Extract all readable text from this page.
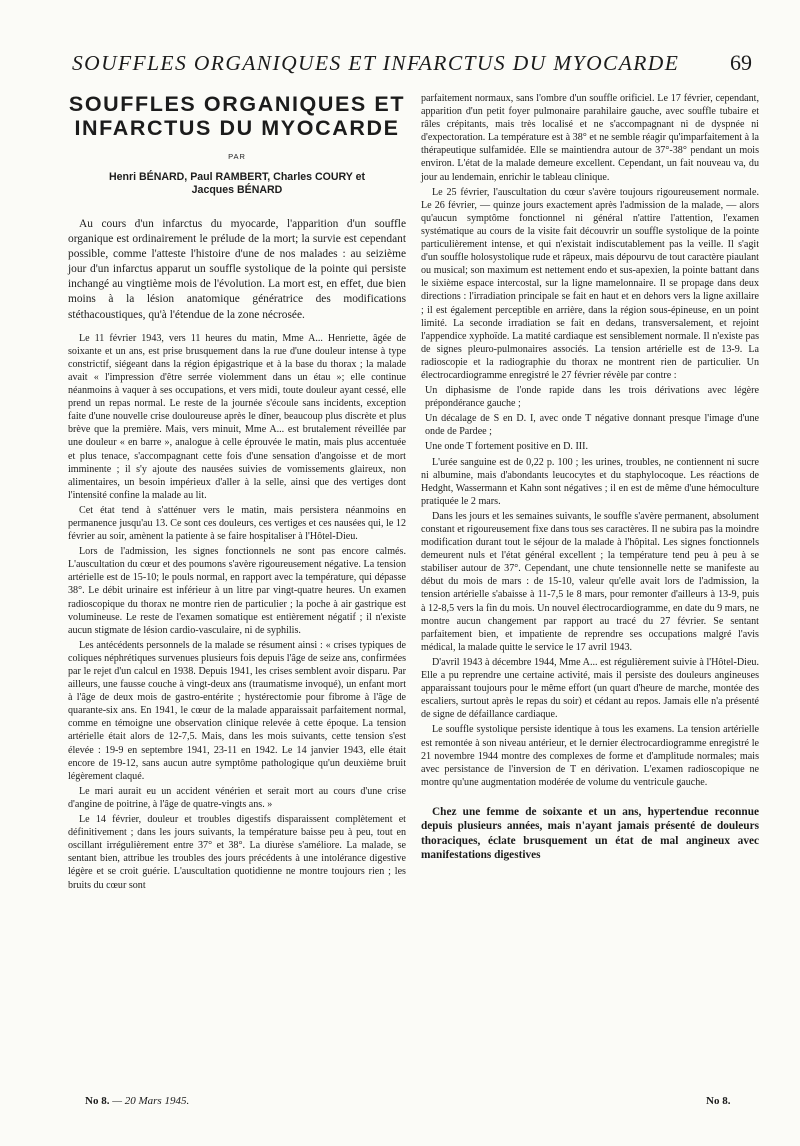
SOUFFLES ORGANIQUES ET INFARCTUS DU MYOCARDE 69
SOUFFLES ORGANIQUES ET
INFARCTUS DU MYOCARDE
PAR
Henri BÉNARD, Paul RAMBERT, Charles COURY et
Jacques BÉNARD

Au cours d'un infarctus du myocarde, l'apparition d'un souffle organique est ordinairement le prélude de la mort; la survie est cependant possible, comme l'atteste l'histoire d'une de nos malades : au seizième jour d'un infarctus apparut un souffle systolique de la pointe qui persiste inchangé au vingtième mois de l'évolution. La mort est, en effet, due bien moins à la lésion anatomique génératrice des modifications stéthacoustiques, qu'à l'étendue de la zone nécrosée.

Le 11 février 1943, vers 11 heures du matin, Mme A... Henriette, âgée de soixante et un ans, est prise brusquement dans la rue d'une douleur intense à type constrictif, siégeant dans la région épigastrique et à la base du thorax ; la malade avait « l'impression d'être serrée violemment dans un étau »; elle continue néanmoins à vaquer à ses occupations, et vers midi, toute douleur ayant cessé, elle prend un repas normal. Le reste de la journée s'écoule sans incidents, exception faite d'une nouvelle crise douloureuse après le dîner, beaucoup plus discrète et plus brève que la première. Mais, vers minuit, Mme A... est brutalement réveillée par une douleur « en barre », analogue à celle éprouvée le matin, mais plus accentuée et plus tenace, s'accompagnant cette fois d'une sensation d'angoisse et de mort imminente ; il s'y ajoute des nausées suivies de vomissements glaireux, non alimentaires, un besoin impérieux d'aller à la selle, ainsi que des vertiges dont l'intensité confine la malade au lit.

Cet état tend à s'atténuer vers le matin, mais persistera néanmoins en permanence jusqu'au 13. Ce sont ces douleurs, ces vertiges et ces nausées qui, le 12 février au soir, amènent la patiente à se faire hospitaliser à l'Hôtel-Dieu.

Lors de l'admission, les signes fonctionnels ne sont pas encore calmés. L'auscultation du cœur et des poumons s'avère rigoureusement négative. La tension artérielle est de 15-10; le pouls normal, en rapport avec la température, qui dépasse 38°. Le débit urinaire est inférieur à un litre par vingt-quatre heures. Un examen radioscopique du thorax ne montre rien de particulier ; la poche à air gastrique est volumineuse. Le reste de l'examen somatique est entièrement négatif ; il n'existe aucun stigmate de lésion cardio-vasculaire, ni de syphilis.

Les antécédents personnels de la malade se résument ainsi : « crises typiques de coliques néphrétiques survenues plusieurs fois depuis l'âge de seize ans, confirmées par le rejet d'un calcul en 1938. Depuis 1941, les crises semblent avoir disparu. Par ailleurs, une fausse couche à vingt-deux ans (traumatisme invoqué), un enfant mort à l'âge de deux mois de gastro-entérite ; hystérectomie pour fibrome à l'âge de quarante-six ans. En 1941, le cœur de la malade apparaissait parfaitement normal, comme en témoigne une observation clinique relevée à cette époque. La tension artérielle était alors de 12-7,5. Mais, dans les mois suivants, cette tension s'est élevée : 19-9 en septembre 1941, 23-11 en 1942. Le 14 janvier 1943, elle était encore de 19-12, sans aucun autre symptôme pathologique qu'un deuxième bruit légèrement claqué.

Le mari aurait eu un accident vénérien et serait mort au cours d'une crise d'angine de poitrine, à l'âge de quatre-vingts ans. »

Le 14 février, douleur et troubles digestifs disparaissent complètement et définitivement ; dans les jours suivants, la température baisse peu à peu, tout en oscillant irrégulièrement entre 37° et 38°. La diurèse s'améliore. La malade, se sentant bien, attribue les troubles des jours précédents à une intolérance digestive légère et se croit guérie. L'auscultation quotidienne ne montre toujours rien ; les bruits du cœur sont

parfaitement normaux, sans l'ombre d'un souffle orificiel. Le 17 février, cependant, apparition d'un petit foyer pulmonaire parahilaire gauche, avec souffle tubaire et râles crépitants, mais très localisé et ne s'accompagnant ni de dyspnée ni d'expectoration. La température est à 38° et ne semble réagir qu'imparfaitement à la thérapeutique sulfamidée. Elle se maintiendra autour de 37°-38° pendant un mois environ. L'état de la malade demeure excellent. Cependant, un fait nouveau va, du jour au lendemain, enrichir le tableau clinique.

Le 25 février, l'auscultation du cœur s'avère toujours rigoureusement normale. Le 26 février, — quinze jours exactement après l'admission de la malade, — alors qu'aucun symptôme fonctionnel ni général n'attire l'attention, l'examen systématique au cours de la visite fait découvrir un souffle systolique de la pointe particulièrement intense, et qui n'existait indiscutablement pas la veille. Il s'agit d'un souffle holosystolique rude et râpeux, mais dépourvu de tout caractère piaulant ou musical; son maximum est nettement endo et sus-apexien, la pointe battant dans le sixième espace intercostal, sur la ligne mamelonnaire. Il se propage dans deux directions : l'irradiation principale se fait en haut et en dehors vers la ligne axillaire ; il est également perceptible en arrière, dans la région sous-épineuse, en un point limité. La seconde irradiation se fait en dedans, transversalement, et rejoint l'appendice xyphoïde. La matité cardiaque est sensiblement normale. Il n'existe pas de signes pleuro-pulmonaires associés. La tension artérielle est de 13-9. La radioscopie et la radiographie du thorax ne montrent rien de particulier. Un électrocardiogramme enregistré le 27 février révèle par contre :

Un diphasisme de l'onde rapide dans les trois dérivations avec légère prépondérance gauche ;

Un décalage de S en D. I, avec onde T négative donnant presque l'image d'une onde de Pardee ;

Une onde T fortement positive en D. III.

L'urée sanguine est de 0,22 p. 100 ; les urines, troubles, ne contiennent ni sucre ni albumine, mais d'abondants leucocytes et du staphylocoque. Les réactions de Hedght, Wassermann et Kahn sont négatives ; il en est de même d'une hémoculture pratiquée le 2 mars.

Dans les jours et les semaines suivants, le souffle s'avère permanent, absolument constant et rigoureusement fixe dans tous ses caractères. Il ne subira pas la moindre modification durant tout le séjour de la malade à l'hôpital. Les signes fonctionnels demeurent nuls et l'état général excellent ; la température tend peu à peu à se stabiliser autour de 37°. Cependant, une chute tensionnelle nette se manifeste au début du mois de mars : de 15-10, valeur qu'elle avait lors de l'admission, la tension artérielle s'abaisse à 11-7,5 le 8 mars, pour remonter d'ailleurs à 13-9, puis à 12-8,5 vers la fin du mois. Un nouvel électrocardiogramme, en date du 9 mars, ne montre aucun changement par rapport au tracé du 27 février. Se sentant parfaitement bien, et impatiente de reprendre ses occupations malgré l'avis médical, la malade quitte le service le 17 avril 1943.

D'avril 1943 à décembre 1944, Mme A... est régulièrement suivie à l'Hôtel-Dieu. Elle a pu reprendre une certaine activité, mais il persiste des douleurs angineuses apparaissant toujours pour le même effort (un quart d'heure de marche, montée des escaliers, surtout après le repas du soir) et cédant au repos. Jamais elle n'a présenté de signe de défaillance cardiaque.

Le souffle systolique persiste identique à tous les examens. La tension artérielle est remontée à son niveau antérieur, et le dernier électrocardiogramme enregistré le 21 novembre 1944 montre des complexes de forme et d'amplitude normales; mais avec persistance de l'inversion de T en dérivation. L'examen radioscopique ne montre qu'une augmentation modérée de volume du ventricule gauche.

Chez une femme de soixante et un ans, hypertendue reconnue depuis plusieurs années, mais n'ayant jamais présenté de douleurs thoraciques, éclate brusquement un état de mal angineux avec manifestations digestives

No 8. — 20 Mars 1945.	No 8.
